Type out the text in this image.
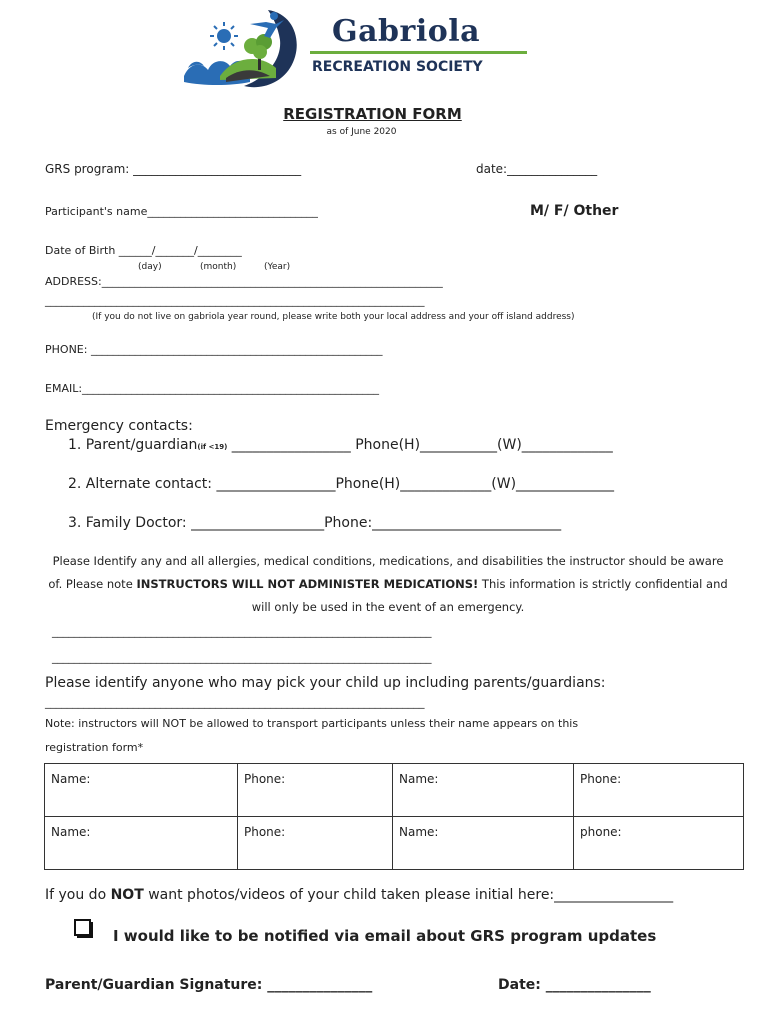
Gabriola
RECREATION SOCIETY
REGISTRATION FORM
as of June 2020
GRS program: ____________________________	date:_______________
Participant's name_______________________________	M/ F/ Other
Date of Birth ______/_______/________
(day)	(month)	(Year)
ADDRESS:______________________________________________________________
_____________________________________________________________________
(If you do not live on gabriola year round, please write both your local address and your off island address)
PHONE: _____________________________________________________
EMAIL:______________________________________________________
Emergency contacts:
1. Parent/guardian(if <19) _________________ Phone(H)___________(W)_____________
2. Alternate contact: _________________Phone(H)_____________(W)______________
3. Family Doctor: ___________________Phone:___________________________
Please Identify any and all allergies, medical conditions, medications, and disabilities the instructor should be aware of. Please note INSTRUCTORS WILL NOT ADMINISTER MEDICATIONS! This information is strictly confidential and will only be used in the event of an emergency.
_____________________________________________________________________
_____________________________________________________________________
Please identify anyone who may pick your child up including parents/guardians:
_____________________________________________________________________
Note: instructors will NOT be allowed to transport participants unless their name appears on this
registration form*
Name:	Phone:	Name:	Phone:
Name:	Phone:	Name:	phone:
If you do NOT want photos/videos of your child taken please initial here:_________________
I would like to be notified via email about GRS program updates
Parent/Guardian Signature: _______________	Date: _______________
